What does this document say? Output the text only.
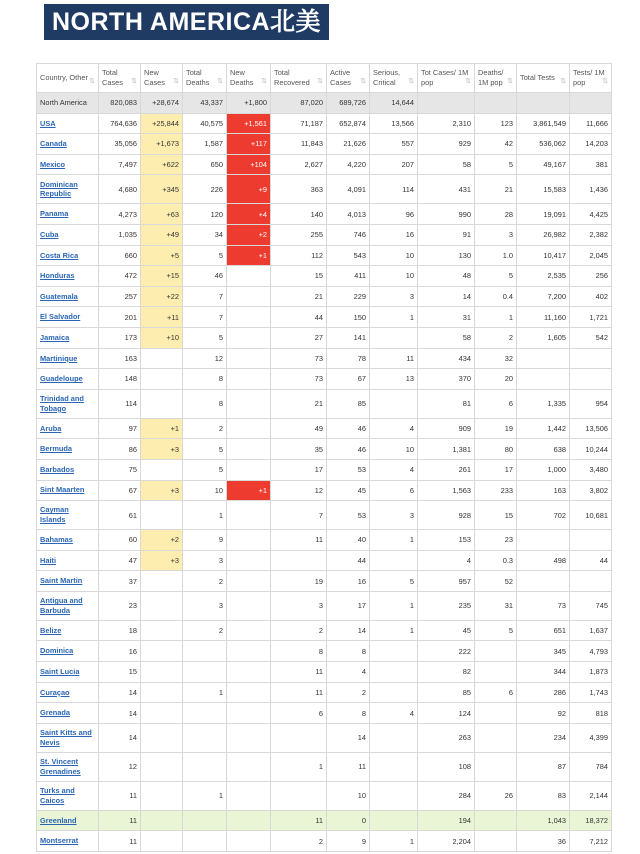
NORTH AMERICA北美
Country, Other ⇅	Total Cases ⇅	New Cases ⇅	Total Deaths ⇅	New Deaths ⇅	Total Recovered ⇅	Active Cases ⇅	Serious, Critical ⇅	Tot Cases/ 1M pop ⇅	Deaths/ 1M pop ⇅	Total Tests ⇅	Tests/ 1M pop ⇅

North America	820,083	+28,674	43,337	+1,800	87,020	689,726	14,644				
USA	764,636	+25,844	40,575	+1,561	71,187	652,874	13,566	2,310	123	3,861,549	11,666
Canada	35,056	+1,673	1,587	+117	11,843	21,626	557	929	42	536,062	14,203
Mexico	7,497	+622	650	+104	2,627	4,220	207	58	5	49,167	381
Dominican Republic	4,680	+345	226	+9	363	4,091	114	431	21	15,583	1,436
Panama	4,273	+63	120	+4	140	4,013	96	990	28	19,091	4,425
Cuba	1,035	+49	34	+2	255	746	16	91	3	26,982	2,382
Costa Rica	660	+5	5	+1	112	543	10	130	1.0	10,417	2,045
Honduras	472	+15	46		15	411	10	48	5	2,535	256
Guatemala	257	+22	7		21	229	3	14	0.4	7,200	402
El Salvador	201	+11	7		44	150	1	31	1	11,160	1,721
Jamaica	173	+10	5		27	141		58	2	1,605	542
Martinique	163		12		73	78	11	434	32		
Guadeloupe	148		8		73	67	13	370	20		
Trinidad and Tobago	114		8		21	85		81	6	1,335	954
Aruba	97	+1	2		49	46	4	909	19	1,442	13,506
Bermuda	86	+3	5		35	46	10	1,381	80	638	10,244
Barbados	75		5		17	53	4	261	17	1,000	3,480
Sint Maarten	67	+3	10	+1	12	45	6	1,563	233	163	3,802
Cayman Islands	61		1		7	53	3	928	15	702	10,681
Bahamas	60	+2	9		11	40	1	153	23		
Haiti	47	+3	3			44		4	0.3	498	44
Saint Martin	37		2		19	16	5	957	52		
Antigua and Barbuda	23		3		3	17	1	235	31	73	745
Belize	18		2		2	14	1	45	5	651	1,637
Dominica	16				8	8		222		345	4,793
Saint Lucia	15				11	4		82		344	1,873
Curaçao	14		1		11	2		85	6	286	1,743
Grenada	14				6	8	4	124		92	818
Saint Kitts and Nevis	14					14		263		234	4,399
St. Vincent Grenadines	12				1	11		108		87	784
Turks and Caicos	11		1			10		284	26	83	2,144
Greenland	11				11	0		194		1,043	18,372
Montserrat	11				2	9	1	2,204		36	7,212
